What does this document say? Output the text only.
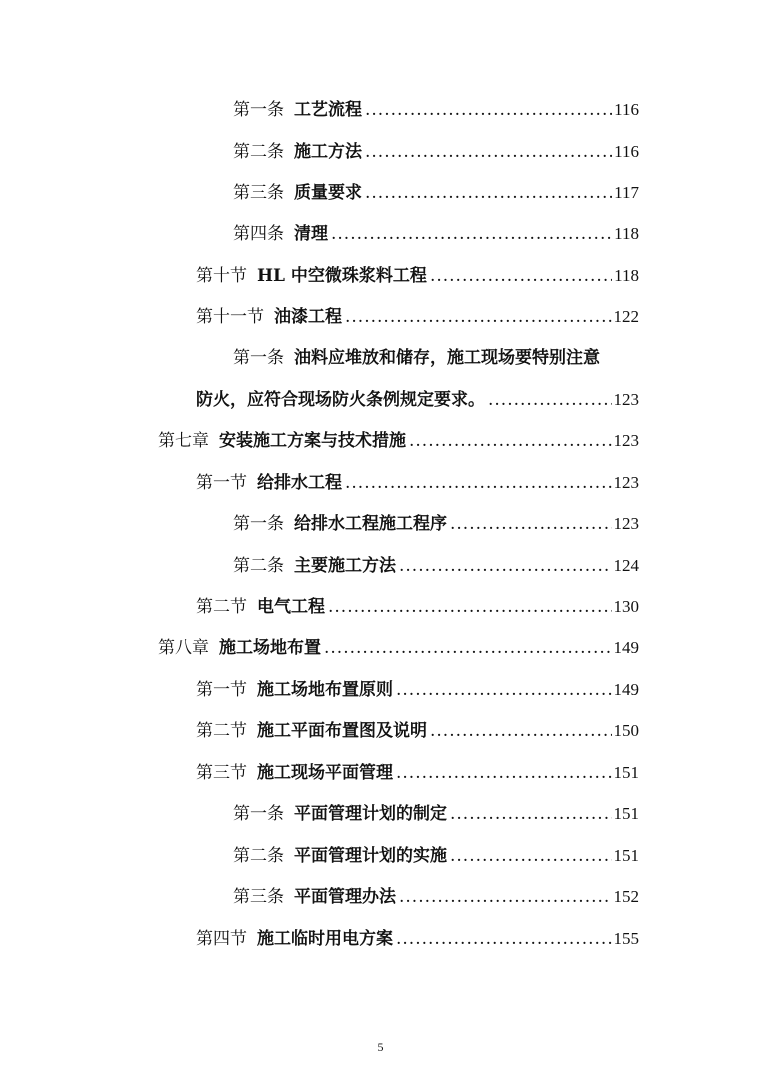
第一条 工艺流程 .....	116
第二条 施工方法 .....	116
第三条 质量要求 .....	117
第四条 清理 .....	118
第十节 HL 中空微珠浆料工程 .....	118
第十一节 油漆工程 .....	122
第一条 油料应堆放和储存，施工现场要特别注意
防火，应符合现场防火条例规定要求。 .....	123
第七章 安装施工方案与技术措施 .....	123
第一节 给排水工程 .....	123
第一条 给排水工程施工程序 .....	123
第二条 主要施工方法 .....	124
第二节 电气工程 .....	130
第八章 施工场地布置 .....	149
第一节 施工场地布置原则 .....	149
第二节 施工平面布置图及说明 .....	150
第三节 施工现场平面管理 .....	151
第一条 平面管理计划的制定 .....	151
第二条 平面管理计划的实施 .....	151
第三条 平面管理办法 .....	152
第四节 施工临时用电方案 .....	155
5
